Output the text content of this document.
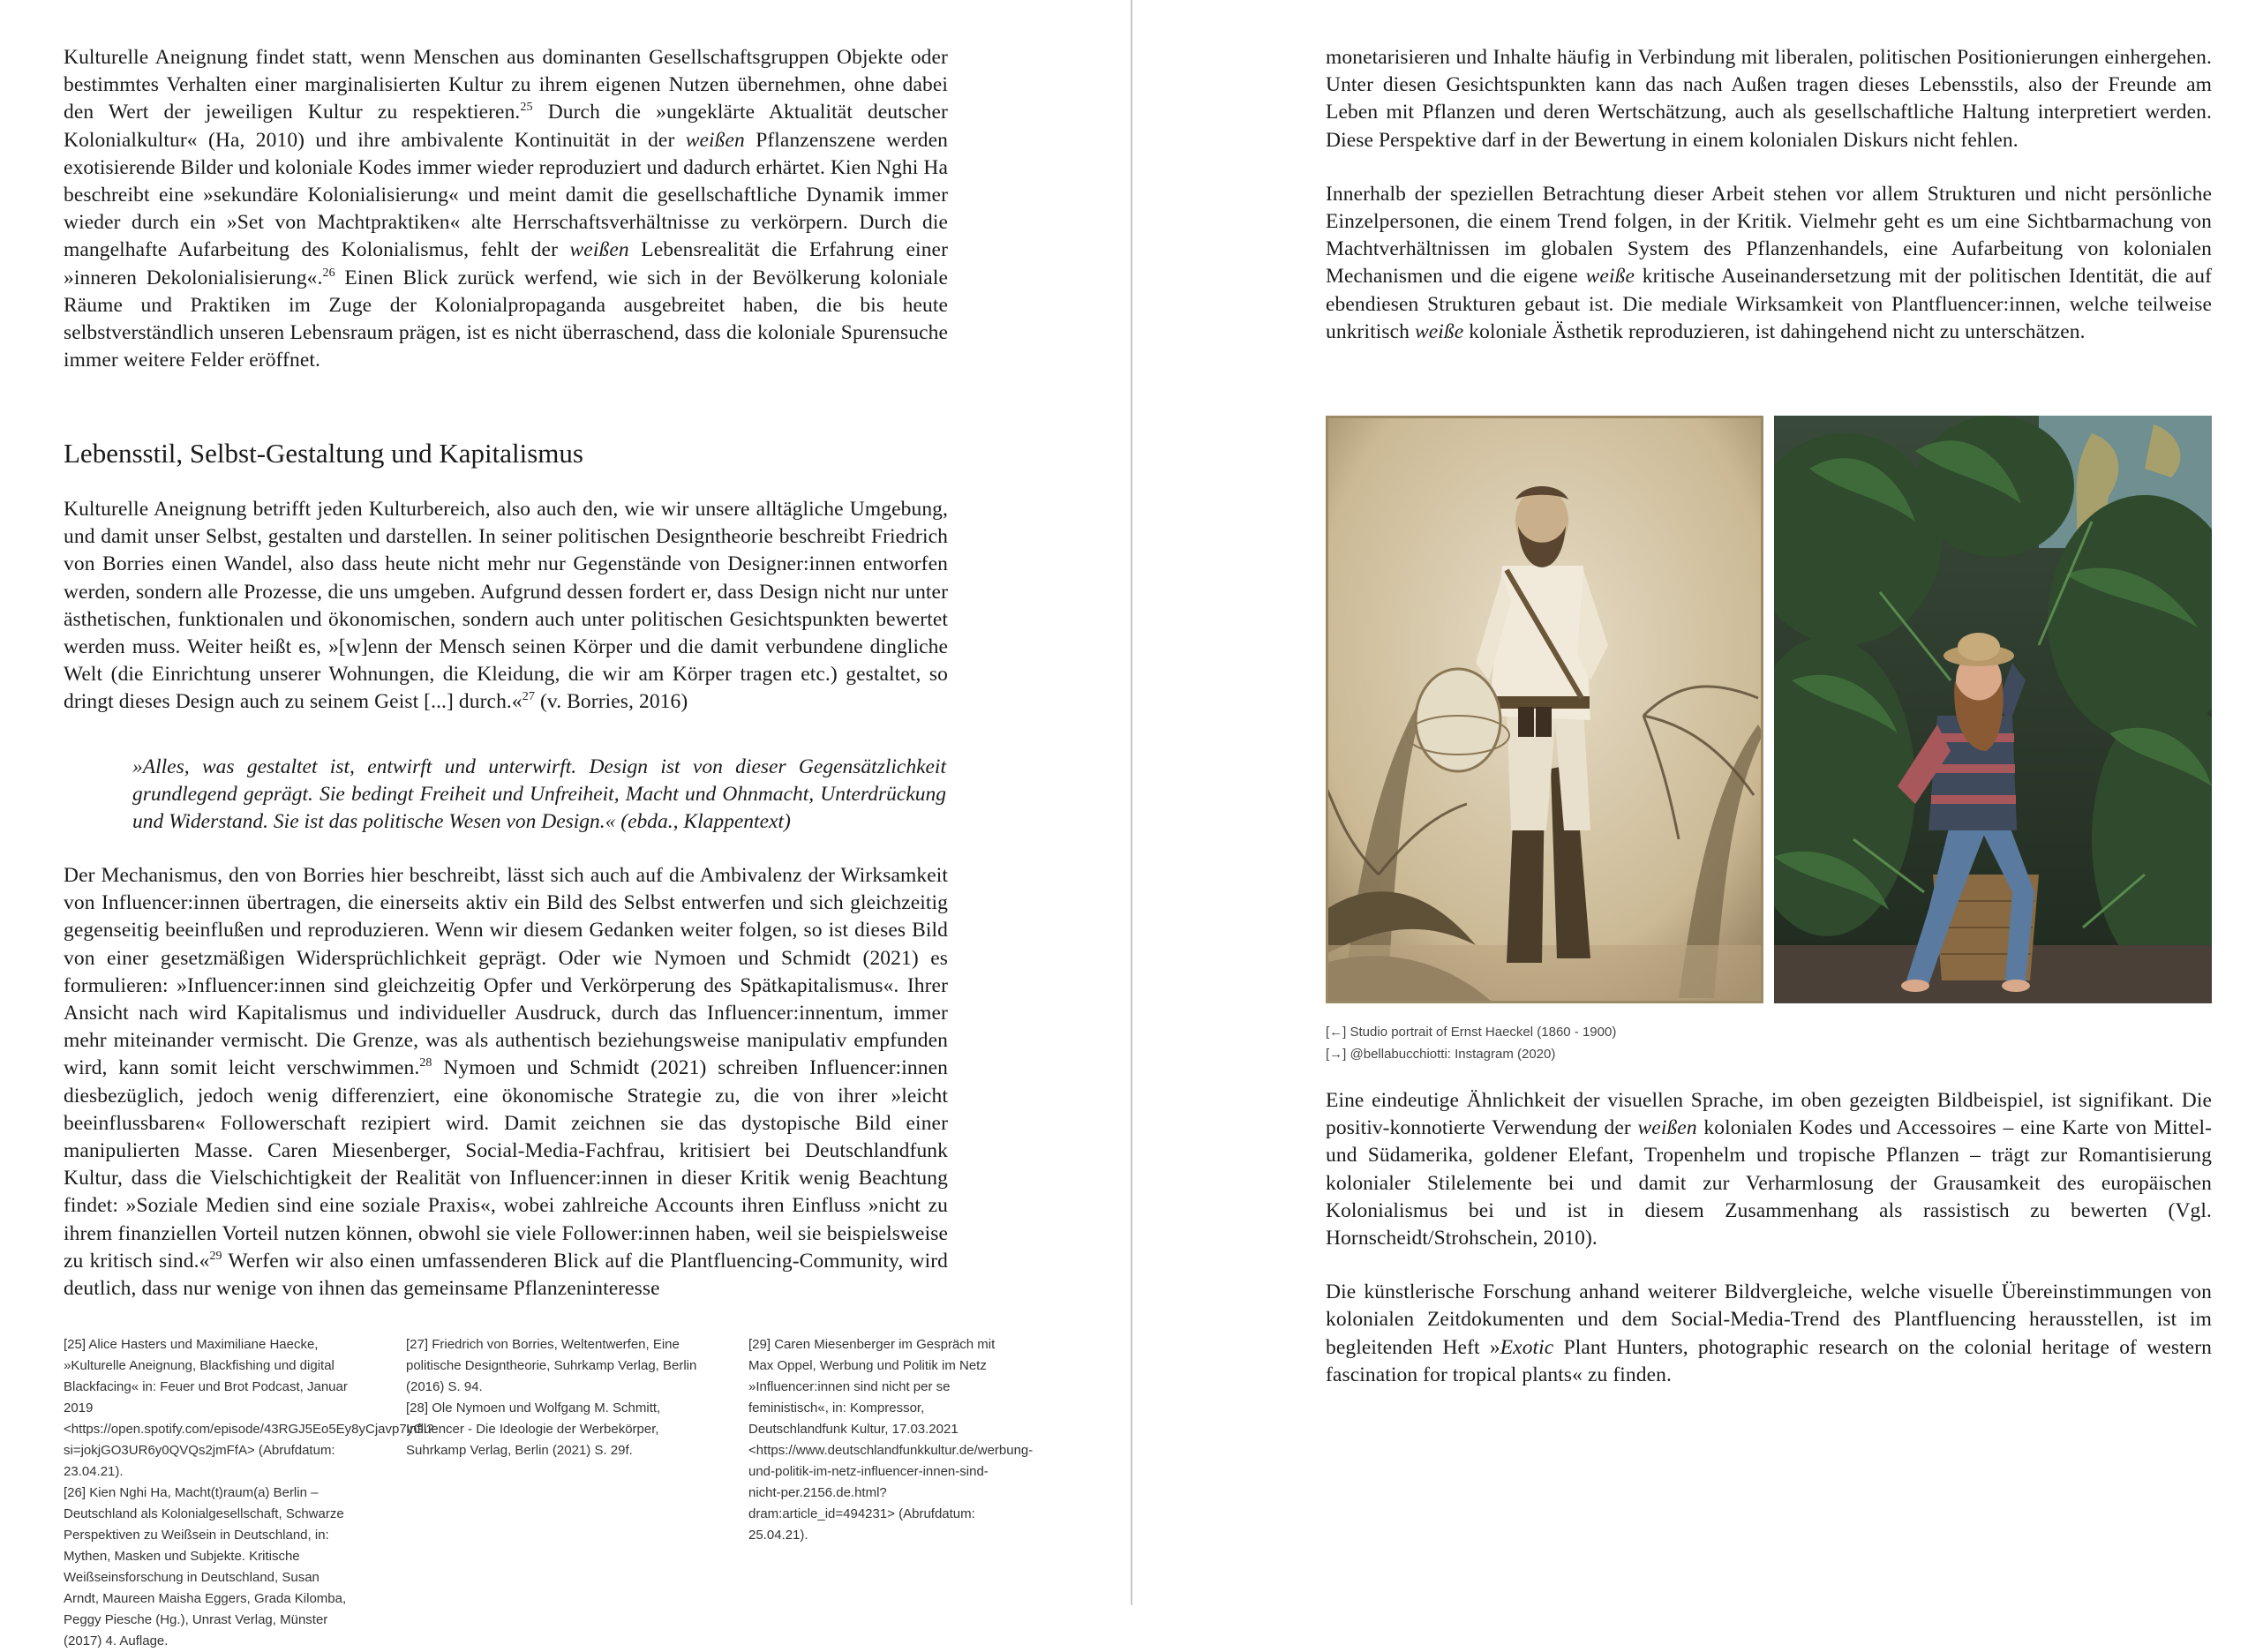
Kulturelle Aneignung findet statt, wenn Menschen aus dominanten Gesellschaftsgruppen Objekte oder bestimmtes Verhalten einer marginalisierten Kultur zu ihrem eigenen Nutzen übernehmen, ohne dabei den Wert der jeweiligen Kultur zu respektieren.$^{25}$ Durch die »ungeklärte Aktualität deutscher Kolonialkultur« (Ha, 2010) und ihre ambivalente Kontinuität in der weißen Pflanzenszene werden exotisierende Bilder und koloniale Kodes immer wieder reproduziert und dadurch erhärtet. Kien Nghi Ha beschreibt eine »sekundäre Kolonialisierung« und meint damit die gesellschaftliche Dynamik immer wieder durch ein »Set von Machtpraktiken« alte Herrschaftsverhältnisse zu verkörpern. Durch die mangelhafte Aufarbeitung des Kolonialismus, fehlt der weißen Lebensrealität die Erfahrung einer »inneren Dekolonialisierung«.$^{26}$ Einen Blick zurück werfend, wie sich in der Bevölkerung koloniale Räume und Praktiken im Zuge der Kolonialpropaganda ausgebreitet haben, die bis heute selbstverständlich unseren Lebensraum prägen, ist es nicht überraschend, dass die koloniale Spurensuche immer weitere Felder eröffnet.

Lebensstil, Selbst-Gestaltung und Kapitalismus

Kulturelle Aneignung betrifft jeden Kulturbereich, also auch den, wie wir unsere alltägliche Umgebung, und damit unser Selbst, gestalten und darstellen. In seiner politischen Designtheorie beschreibt Friedrich von Borries einen Wandel, also dass heute nicht mehr nur Gegenstände von Designer:innen entworfen werden, sondern alle Prozesse, die uns umgeben. Aufgrund dessen fordert er, dass Design nicht nur unter ästhetischen, funktionalen und ökonomischen, sondern auch unter politischen Gesichtspunkten bewertet werden muss. Weiter heißt es, »[w]enn der Mensch seinen Körper und die damit verbundene dingliche Welt (die Einrichtung unserer Wohnungen, die Kleidung, die wir am Körper tragen etc.) gestaltet, so dringt dieses Design auch zu seinem Geist [...] durch.«$^{27}$ (v. Borries, 2016)

»Alles, was gestaltet ist, entwirft und unterwirft. Design ist von dieser Gegensätzlichkeit grundlegend geprägt. Sie bedingt Freiheit und Unfreiheit, Macht und Ohnmacht, Unterdrückung und Widerstand. Sie ist das politische Wesen von Design.« (ebda., Klappentext)

Der Mechanismus, den von Borries hier beschreibt, lässt sich auch auf die Ambivalenz der Wirksamkeit von Influencer:innen übertragen, die einerseits aktiv ein Bild des Selbst entwerfen und sich gleichzeitig gegenseitig beeinflußen und reproduzieren. Wenn wir diesem Gedanken weiter folgen, so ist dieses Bild von einer gesetzmäßigen Widersprüchlichkeit geprägt. Oder wie Nymoen und Schmidt (2021) es formulieren: »Influencer:innen sind gleichzeitig Opfer und Verkörperung des Spätkapitalismus«. Ihrer Ansicht nach wird Kapitalismus und individueller Ausdruck, durch das Influencer:innentum, immer mehr miteinander vermischt. Die Grenze, was als authentisch beziehungsweise manipulativ empfunden wird, kann somit leicht verschwimmen.$^{28}$ Nymoen und Schmidt (2021) schreiben Influencer:innen diesbezüglich, jedoch wenig differenziert, eine ökonomische Strategie zu, die von ihrer »leicht beeinflussbaren« Followerschaft rezipiert wird. Damit zeichnen sie das dystopische Bild einer manipulierten Masse. Caren Miesenberger, Social-Media-Fachfrau, kritisiert bei Deutschlandfunk Kultur, dass die Vielschichtigkeit der Realität von Influencer:innen in dieser Kritik wenig Beachtung findet: »Soziale Medien sind eine soziale Praxis«, wobei zahlreiche Accounts ihren Einfluss »nicht zu ihrem finanziellen Vorteil nutzen können, obwohl sie viele Follower:innen haben, weil sie beispielsweise zu kritisch sind.«$^{29}$ Werfen wir also einen umfassenderen Blick auf die Plantfluencing-Community, wird deutlich, dass nur wenige von ihnen das gemeinsame Pflanzeninteresse

[25] Alice Hasters und Maximiliane Haecke, »Kulturelle Aneignung, Blackfishing und digital Blackfacing« in: Feuer und Brot Podcast, Januar 2019 <https://open.spotify.com/episode/43RGJ5Eo5Ey8yCjavp7yGl?si=jokjGO3UR6y0QVQs2jmFfA> (Abrufdatum: 23.04.21).

[26] Kien Nghi Ha, Macht(t)raum(a) Berlin – Deutschland als Kolonialgesellschaft, Schwarze Perspektiven zu Weißsein in Deutschland, in: Mythen, Masken und Subjekte. Kritische Weißseinsforschung in Deutschland, Susan Arndt, Maureen Maisha Eggers, Grada Kilomba, Peggy Piesche (Hg.), Unrast Verlag, Münster (2017) 4. Auflage.

[27] Friedrich von Borries, Weltentwerfen, Eine politische Designtheorie, Suhrkamp Verlag, Berlin (2016) S. 94.

[28] Ole Nymoen und Wolfgang M. Schmitt, Influencer - Die Ideologie der Werbekörper, Suhrkamp Verlag, Berlin (2021) S. 29f.

[29] Caren Miesenberger im Gespräch mit Max Oppel, Werbung und Politik im Netz »Influencer:innen sind nicht per se feministisch«, in: Kompressor, Deutschlandfunk Kultur, 17.03.2021 <https://www.deutschlandfunkkultur.de/werbung-und-politik-im-netz-influencer-innen-sind-nicht-per.2156.de.html?dram:article_id=494231> (Abrufdatum: 25.04.21).

monetarisieren und Inhalte häufig in Verbindung mit liberalen, politischen Positionierungen einhergehen. Unter diesen Gesichtspunkten kann das nach Außen tragen dieses Lebensstils, also der Freunde am Leben mit Pflanzen und deren Wertschätzung, auch als gesellschaftliche Haltung interpretiert werden. Diese Perspektive darf in der Bewertung in einem kolonialen Diskurs nicht fehlen.

Innerhalb der speziellen Betrachtung dieser Arbeit stehen vor allem Strukturen und nicht persönliche Einzelpersonen, die einem Trend folgen, in der Kritik. Vielmehr geht es um eine Sichtbarmachung von Machtverhältnissen im globalen System des Pflanzenhandels, eine Aufarbeitung von kolonialen Mechanismen und die eigene weiße kritische Auseinandersetzung mit der politischen Identität, die auf ebendiesen Strukturen gebaut ist. Die mediale Wirksamkeit von Plantfluencer:innen, welche teilweise unkritisch weiße koloniale Ästhetik reproduzieren, ist dahingehend nicht zu unterschätzen.

[←] Studio portrait of Ernst Haeckel (1860 - 1900)
[→] @bellabucchiotti: Instagram (2020)

Eine eindeutige Ähnlichkeit der visuellen Sprache, im oben gezeigten Bildbeispiel, ist signifikant. Die positiv-konnotierte Verwendung der weißen kolonialen Kodes und Accessoires – eine Karte von Mittel- und Südamerika, goldener Elefant, Tropenhelm und tropische Pflanzen – trägt zur Romantisierung kolonialer Stilelemente bei und damit zur Verharmlosung der Grausamkeit des europäischen Kolonialismus bei und ist in diesem Zusammenhang als rassistisch zu bewerten (Vgl. Hornscheidt/Strohschein, 2010).

Die künstlerische Forschung anhand weiterer Bildvergleiche, welche visuelle Übereinstimmungen von kolonialen Zeitdokumenten und dem Social-Media-Trend des Plantfluencing herausstellen, ist im begleitenden Heft »Exotic Plant Hunters, photographic research on the colonial heritage of western fascination for tropical plants« zu finden.
